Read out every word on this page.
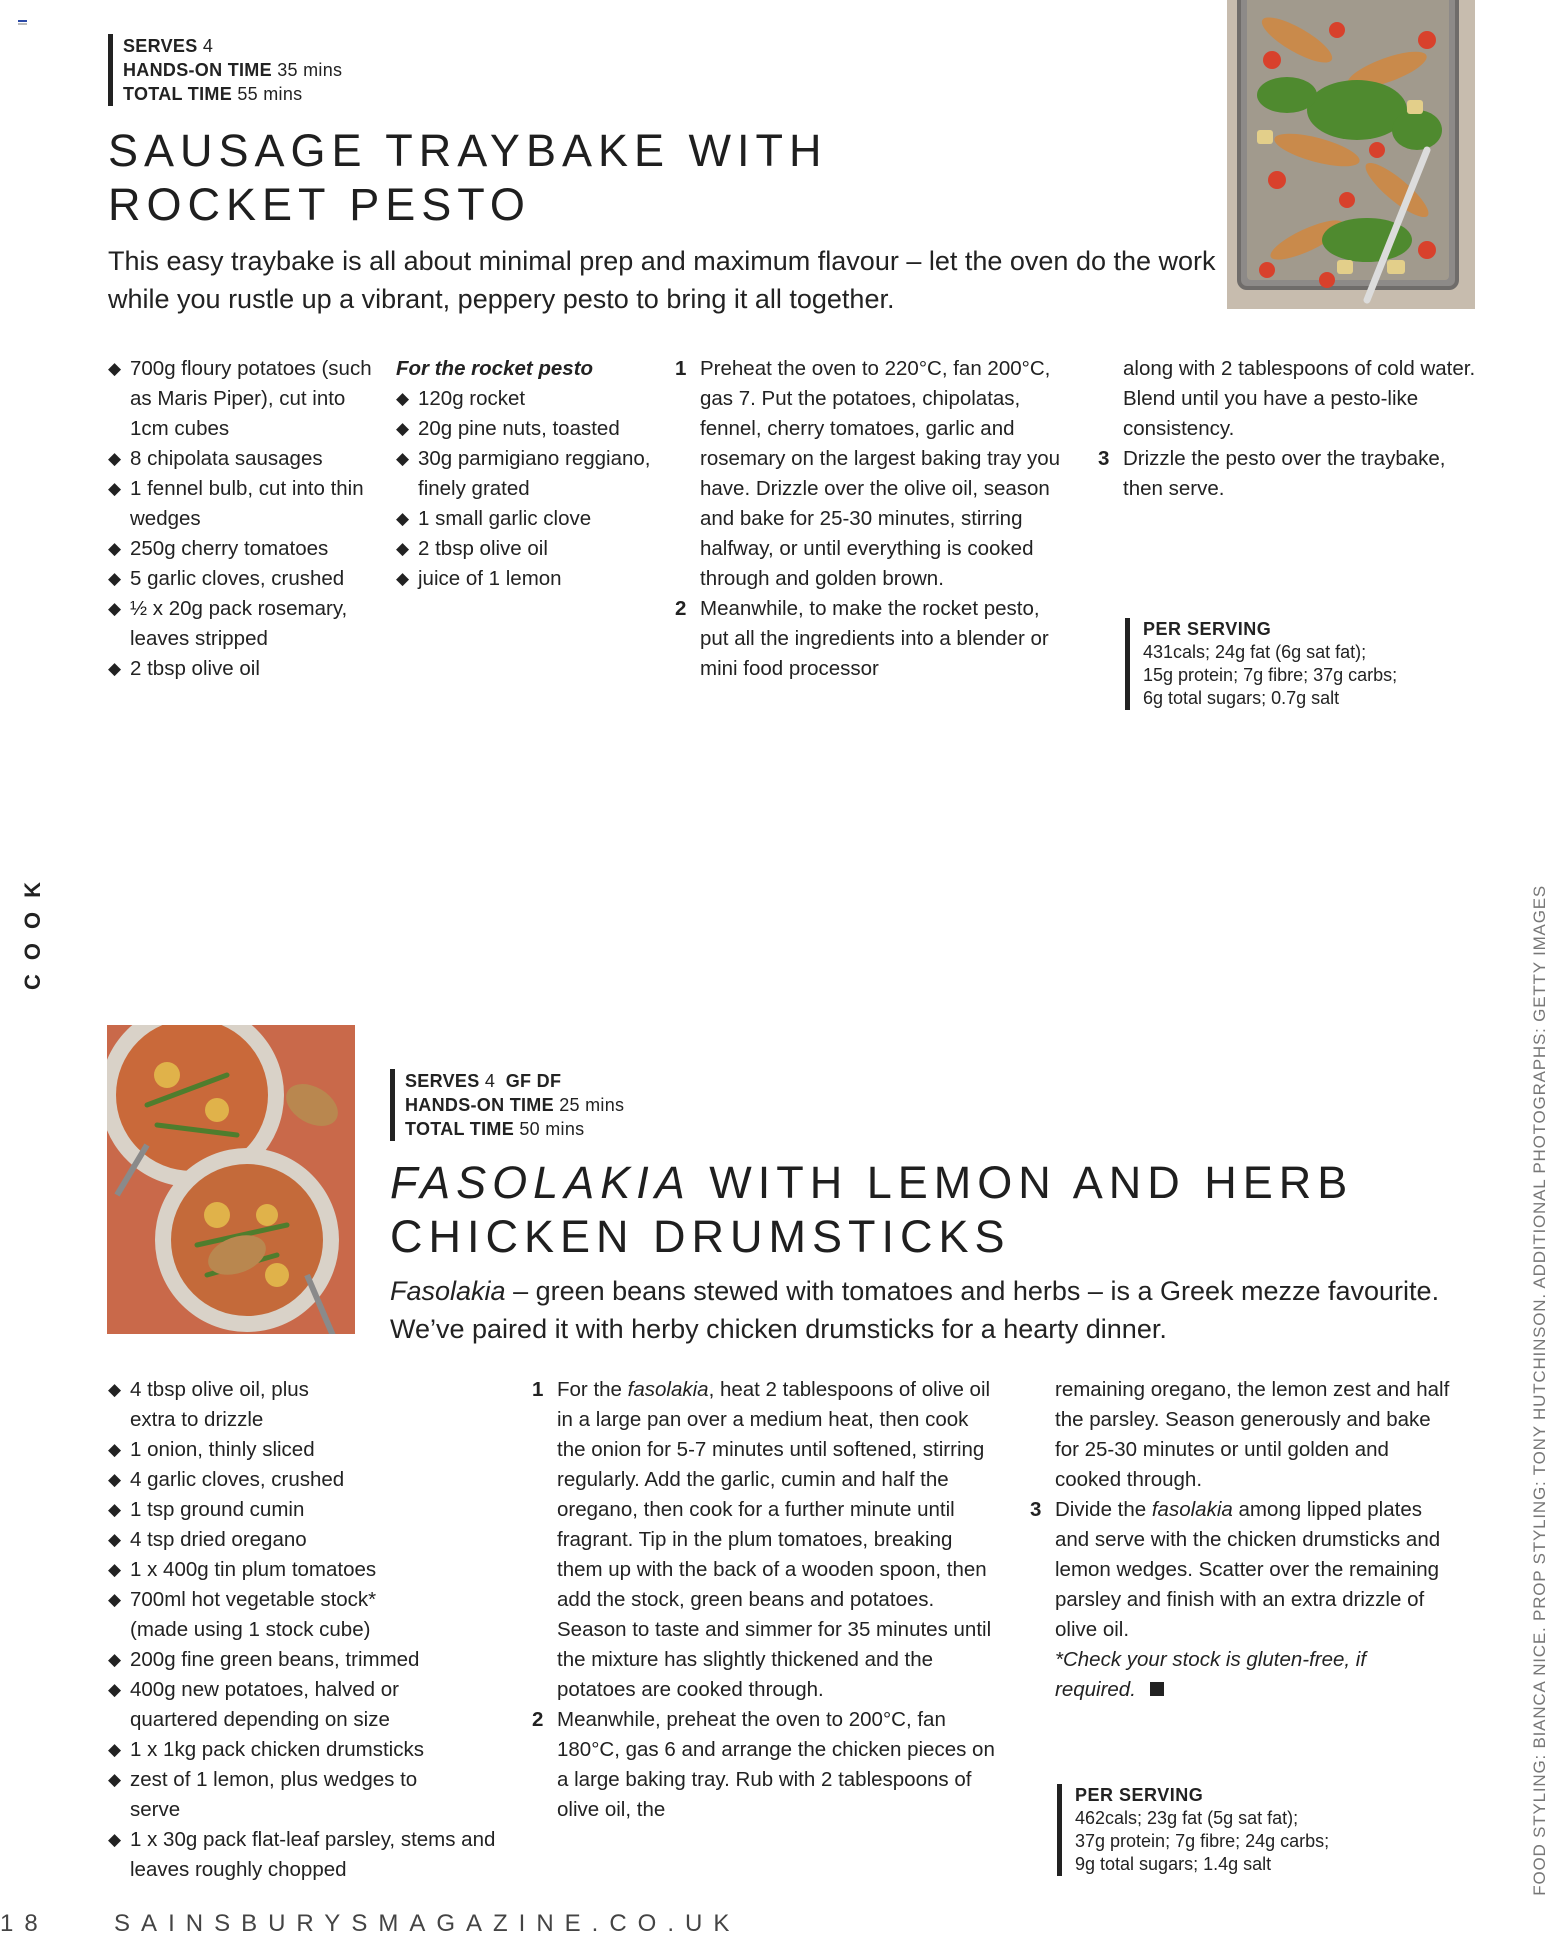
SERVES 4
HANDS-ON TIME 35 mins
TOTAL TIME 55 mins
SAUSAGE TRAYBAKE WITH
ROCKET PESTO
This easy traybake is all about minimal prep and maximum flavour – let the oven do the work while you rustle up a vibrant, peppery pesto to bring it all together.
◆ 700g floury potatoes (such as Maris Piper), cut into 1cm cubes
◆ 8 chipolata sausages
◆ 1 fennel bulb, cut into thin wedges
◆ 250g cherry tomatoes
◆ 5 garlic cloves, crushed
◆ ½ x 20g pack rosemary, leaves stripped
◆ 2 tbsp olive oil
For the rocket pesto
◆ 120g rocket
◆ 20g pine nuts, toasted
◆ 30g parmigiano reggiano, finely grated
◆ 1 small garlic clove
◆ 2 tbsp olive oil
◆ juice of 1 lemon
1 Preheat the oven to 220°C, fan 200°C, gas 7. Put the potatoes, chipolatas, fennel, cherry tomatoes, garlic and rosemary on the largest baking tray you have. Drizzle over the olive oil, season and bake for 25-30 minutes, stirring halfway, or until everything is cooked through and golden brown.
2 Meanwhile, to make the rocket pesto, put all the ingredients into a blender or mini food processor
along with 2 tablespoons of cold water. Blend until you have a pesto-like consistency.
3 Drizzle the pesto over the traybake, then serve.
PER SERVING
431cals; 24g fat (6g sat fat);
15g protein; 7g fibre; 37g carbs;
6g total sugars; 0.7g salt
COOK	FOOD STYLING: BIANCA NICE. PROP STYLING: TONY HUTCHINSON. ADDITIONAL PHOTOGRAPHS: GETTY IMAGES
SERVES 4 GF DF
HANDS-ON TIME 25 mins
TOTAL TIME 50 mins
FASOLAKIA WITH LEMON AND HERB
CHICKEN DRUMSTICKS
Fasolakia – green beans stewed with tomatoes and herbs – is a Greek mezze favourite. We’ve paired it with herby chicken drumsticks for a hearty dinner.
◆ 4 tbsp olive oil, plus extra to drizzle
◆ 1 onion, thinly sliced
◆ 4 garlic cloves, crushed
◆ 1 tsp ground cumin
◆ 4 tsp dried oregano
◆ 1 x 400g tin plum tomatoes
◆ 700ml hot vegetable stock* (made using 1 stock cube)
◆ 200g fine green beans, trimmed
◆ 400g new potatoes, halved or quartered depending on size
◆ 1 x 1kg pack chicken drumsticks
◆ zest of 1 lemon, plus wedges to serve
◆ 1 x 30g pack flat-leaf parsley, stems and leaves roughly chopped
1 For the fasolakia, heat 2 tablespoons of olive oil in a large pan over a medium heat, then cook the onion for 5-7 minutes until softened, stirring regularly. Add the garlic, cumin and half the oregano, then cook for a further minute until fragrant. Tip in the plum tomatoes, breaking them up with the back of a wooden spoon, then add the stock, green beans and potatoes. Season to taste and simmer for 35 minutes until the mixture has slightly thickened and the potatoes are cooked through.
2 Meanwhile, preheat the oven to 200°C, fan 180°C, gas 6 and arrange the chicken pieces on a large baking tray. Rub with 2 tablespoons of olive oil, the
remaining oregano, the lemon zest and half the parsley. Season generously and bake for 25-30 minutes or until golden and cooked through.
3 Divide the fasolakia among lipped plates and serve with the chicken drumsticks and lemon wedges. Scatter over the remaining parsley and finish with an extra drizzle of olive oil.
*Check your stock is gluten-free, if required.
PER SERVING
462cals; 23g fat (5g sat fat);
37g protein; 7g fibre; 24g carbs;
9g total sugars; 1.4g salt
18	SAINSBURYSMAGAZINE.CO.UK
